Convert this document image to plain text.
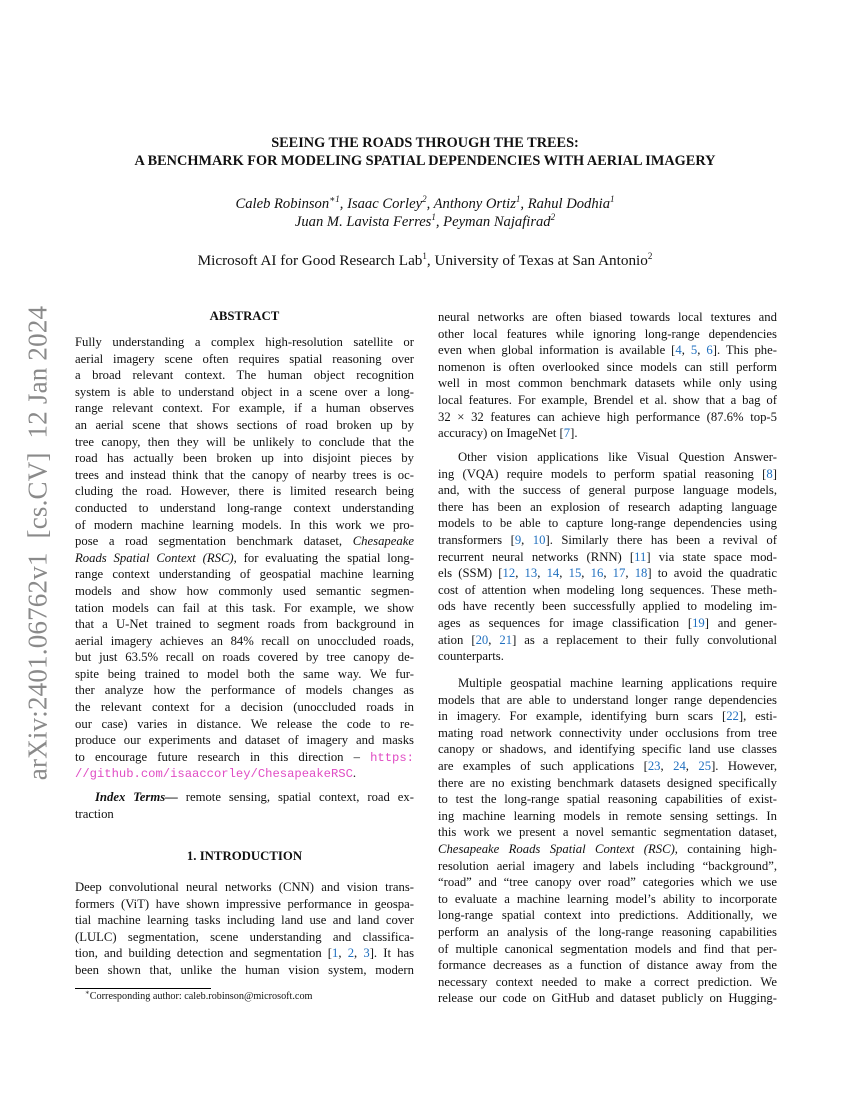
arXiv:2401.06762v1  [cs.CV]  12 Jan 2024
SEEING THE ROADS THROUGH THE TREES:
A BENCHMARK FOR MODELING SPATIAL DEPENDENCIES WITH AERIAL IMAGERY
Caleb Robinson$^{∗1}$, Isaac Corley$^2$, Anthony Ortiz$^1$, Rahul Dodhia$^1$
Juan M. Lavista Ferres$^1$, Peyman Najafirad$^2$
Microsoft AI for Good Research Lab$^1$, University of Texas at San Antonio$^2$
ABSTRACT
Fully understanding a complex high-resolution satellite or
aerial imagery scene often requires spatial reasoning over
a broad relevant context. The human object recognition
system is able to understand object in a scene over a long-
range relevant context. For example, if a human observes
an aerial scene that shows sections of road broken up by
tree canopy, then they will be unlikely to conclude that the
road has actually been broken up into disjoint pieces by
trees and instead think that the canopy of nearby trees is oc-
cluding the road. However, there is limited research being
conducted to understand long-range context understanding
of modern machine learning models. In this work we pro-
pose a road segmentation benchmark dataset, Chesapeake
Roads Spatial Context (RSC), for evaluating the spatial long-
range context understanding of geospatial machine learning
models and show how commonly used semantic segmen-
tation models can fail at this task. For example, we show
that a U-Net trained to segment roads from background in
aerial imagery achieves an 84% recall on unoccluded roads,
but just 63.5% recall on roads covered by tree canopy de-
spite being trained to model both the same way. We fur-
ther analyze how the performance of models changes as
the relevant context for a decision (unoccluded roads in
our case) varies in distance. We release the code to re-
produce our experiments and dataset of imagery and masks
to encourage future research in this direction – https:
//github.com/isaaccorley/ChesapeakeRSC.
Index Terms— remote sensing, spatial context, road ex-
traction
1. INTRODUCTION
Deep convolutional neural networks (CNN) and vision trans-
formers (ViT) have shown impressive performance in geospa-
tial machine learning tasks including land use and land cover
(LULC) segmentation, scene understanding and classifica-
tion, and building detection and segmentation [1, 2, 3]. It has
been shown that, unlike the human vision system, modern
∗Corresponding author: caleb.robinson@microsoft.com
neural networks are often biased towards local textures and
other local features while ignoring long-range dependencies
even when global information is available [4, 5, 6]. This phe-
nomenon is often overlooked since models can still perform
well in most common benchmark datasets while only using
local features. For example, Brendel et al. show that a bag of
32 × 32 features can achieve high performance (87.6% top-5
accuracy) on ImageNet [7].
Other vision applications like Visual Question Answer-
ing (VQA) require models to perform spatial reasoning [8]
and, with the success of general purpose language models,
there has been an explosion of research adapting language
models to be able to capture long-range dependencies using
transformers [9, 10]. Similarly there has been a revival of
recurrent neural networks (RNN) [11] via state space mod-
els (SSM) [12, 13, 14, 15, 16, 17, 18] to avoid the quadratic
cost of attention when modeling long sequences. These meth-
ods have recently been successfully applied to modeling im-
ages as sequences for image classification [19] and gener-
ation [20, 21] as a replacement to their fully convolutional
counterparts.
Multiple geospatial machine learning applications require
models that are able to understand longer range dependencies
in imagery. For example, identifying burn scars [22], esti-
mating road network connectivity under occlusions from tree
canopy or shadows, and identifying specific land use classes
are examples of such applications [23, 24, 25]. However,
there are no existing benchmark datasets designed specifically
to test the long-range spatial reasoning capabilities of exist-
ing machine learning models in remote sensing settings. In
this work we present a novel semantic segmentation dataset,
Chesapeake Roads Spatial Context (RSC), containing high-
resolution aerial imagery and labels including “background”,
“road” and “tree canopy over road” categories which we use
to evaluate a machine learning model’s ability to incorporate
long-range spatial context into predictions. Additionally, we
perform an analysis of the long-range reasoning capabilities
of multiple canonical segmentation models and find that per-
formance decreases as a function of distance away from the
necessary context needed to make a correct prediction. We
release our code on GitHub and dataset publicly on Hugging-
